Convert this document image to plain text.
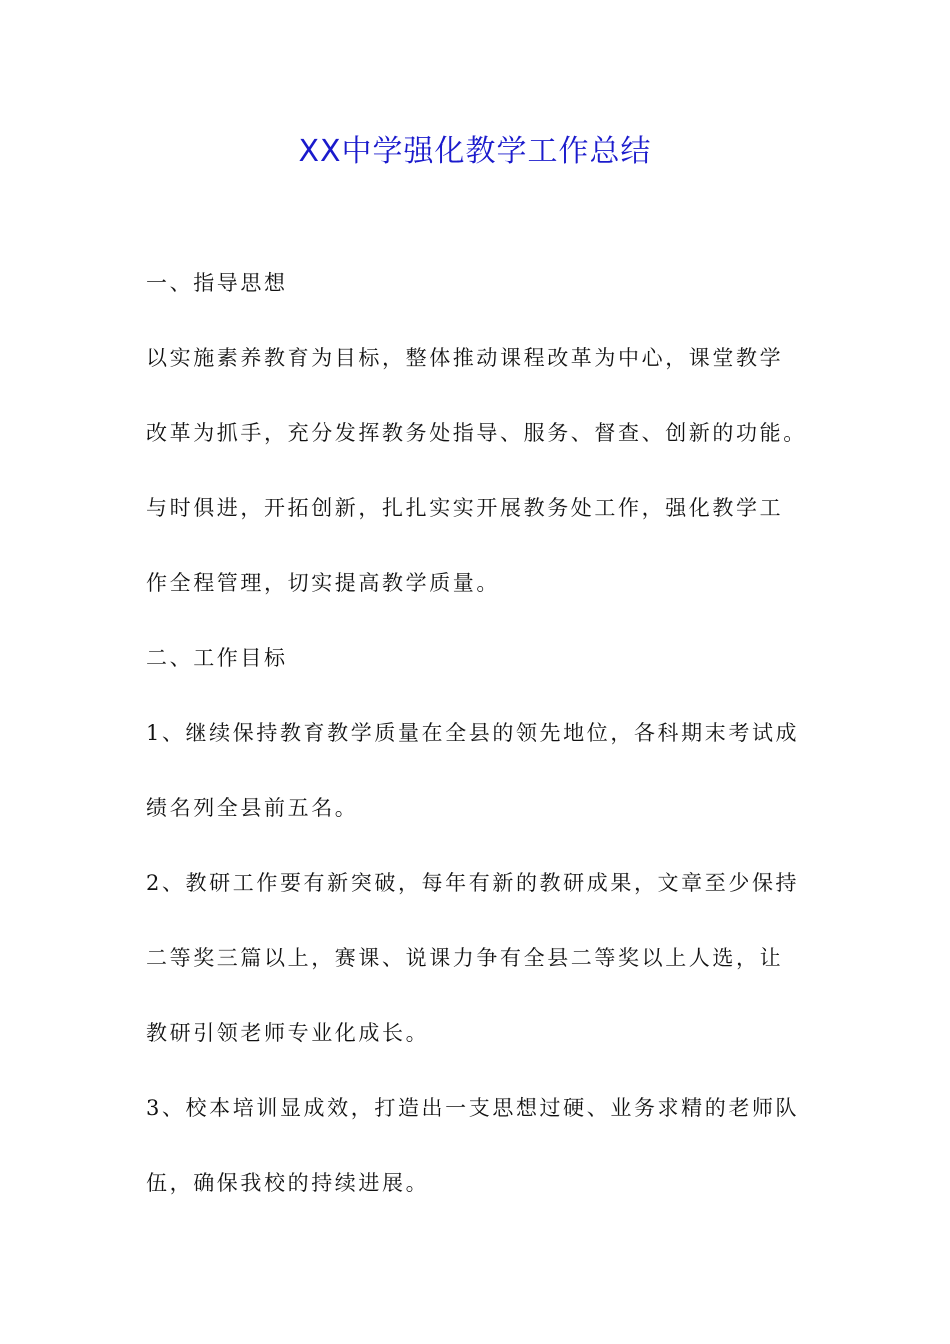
XX中学强化教学工作总结
一、指导思想
以实施素养教育为目标，整体推动课程改革为中心，课堂教学
改革为抓手，充分发挥教务处指导、服务、督查、创新的功能。
与时俱进，开拓创新，扎扎实实开展教务处工作，强化教学工
作全程管理，切实提高教学质量。
二、工作目标
1、继续保持教育教学质量在全县的领先地位，各科期末考试成
绩名列全县前五名。
2、教研工作要有新突破，每年有新的教研成果，文章至少保持
二等奖三篇以上，赛课、说课力争有全县二等奖以上人选，让
教研引领老师专业化成长。
3、校本培训显成效，打造出一支思想过硬、业务求精的老师队
伍，确保我校的持续进展。
